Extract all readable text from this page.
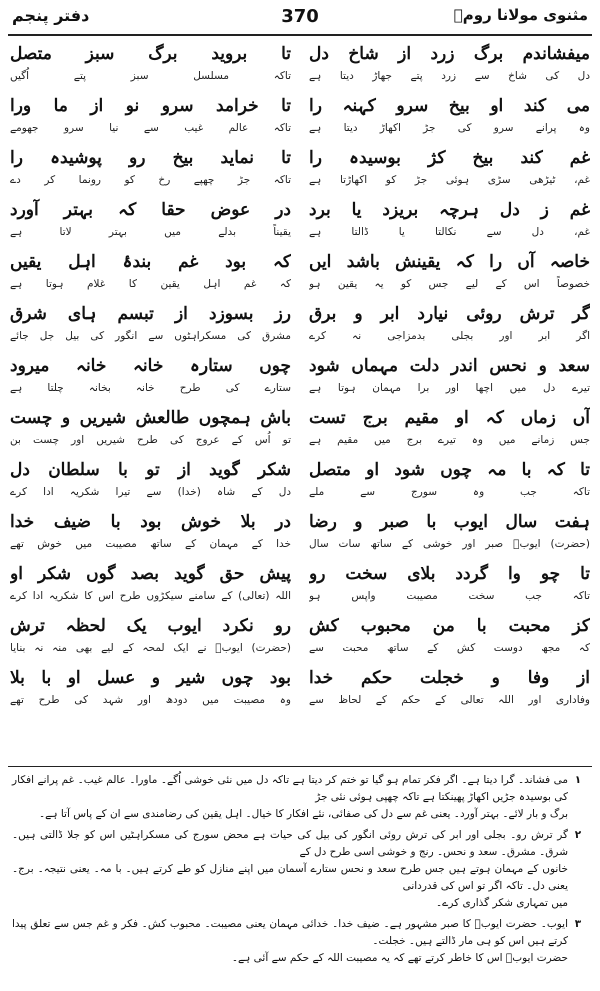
دفتر پنجم	370	مثنوی مولانا رومؒ
تا بروید برگ سبز متصل
تاکہ مسلسل سبز پتے اُگیں
تا خرامد سرو نو از ما ورا
تاکہ عالم غیب سے نیا سرو جھومے
تا نماید بیخ رو پوشیدہ را
تاکہ جڑ چھپے رخ کو رونما کر دے
در عوض حقا کہ بہتر آورد
یقیناً بدلے میں بہتر لاتا ہے
کہ بود غم بندۂ اہل یقیں
کہ غم اہل یقین کا غلام ہوتا ہے
رز بسوزد از تبسم ہای شرق
مشرق کی مسکراہٹوں سے انگور کی بیل جل جائے
چوں ستارہ خانہ خانہ میرود
ستارے کی طرح خانہ بخانہ چلتا ہے
باش ہمچوں طالعش شیریں و چست
تو اُس کے عروج کی طرح شیریں اور چست بن
شکر گوید از تو با سلطان دل
دل کے شاہ (خدا) سے تیرا شکریہ ادا کرے
در بلا خوش بود با ضیف خدا
خدا کے مہمان کے ساتھ مصیبت میں خوش تھے
پیش حق گوید بصد گوں شکر او
اللہ (تعالی) کے سامنے سیکڑوں طرح اس کا شکریہ ادا کرے
رو نکرد ایوب یک لحظہ ترش
(حضرت) ایوبؑ نے ایک لمحہ کے لیے بھی منہ نہ بنایا
بود چوں شیر و عسل او با بلا
وہ مصیبت میں دودھ اور شہد کی طرح تھے
میفشاندم برگ زرد از شاخ دل
دل کی شاخ سے زرد پتے جھاڑ دیتا ہے
می کند او بیخ سرو کہنہ را
وہ پرانے سرو کی جڑ اکھاڑ دیتا ہے
غم کند بیخ کژ بوسیدہ را
غم، ٹیڑھی سڑی ہوئی جڑ کو اکھاڑتا ہے
غم ز دل ہرچہ بریزد یا برد
غم، دل سے نکالتا یا ڈالتا ہے
خاصہ آں را کہ یقینش باشد ایں
خصوصاً اس کے لیے جس کو یہ یقین ہو
گر ترش روئی نیارد ابر و برق
اگر ابر اور بجلی بدمزاجی نہ کرے
سعد و نحس اندر دلت مہماں شود
تیرے دل میں اچھا اور برا مہمان ہوتا ہے
آں زماں کہ او مقیم برج تست
جس زمانے میں وہ تیرے برج میں مقیم ہے
تا کہ با مہ چوں شود او متصل
تاکہ جب وہ سورج سے ملے
ہفت سال ایوب با صبر و رضا
(حضرت) ایوبؑ صبر اور خوشی کے ساتھ سات سال
تا چو وا گردد بلای سخت رو
تاکہ جب سخت مصیبت واپس ہو
کز محبت با من محبوب کش
کہ مجھ دوست کش کے ساتھ محبت سے
از وفا و خجلت حکم خدا
وفاداری اور اللہ تعالی کے حکم کے لحاظ سے
۱

می فشاند۔ گرا دیتا ہے۔ اگر فکر تمام ہو گیا تو ختم کر دیتا ہے تاکہ دل میں نئی خوشی اُگے۔ ماورا۔ عالم غیب۔ غم پرانے افکار کی بوسیدہ جڑیں اکھاڑ پھینکتا ہے تاکہ چھپی ہوئی نئی جڑ

برگ و بار لائے۔ بہتر آورد۔ یعنی غم سے دل کی صفائی، نئے افکار کا خیال۔ اہل یقین کی رضامندی سے ان کے پاس آتا ہے۔

۲

گر ترش رو۔ بجلی اور ابر کی ترش روئی انگور کی بیل کی حیات ہے محض سورج کی مسکراہٹیں اس کو جلا ڈالتی ہیں۔ شرق۔ مشرق۔ سعد و نحس۔ رنج و خوشی اسی طرح دل کے

خانوں کے مہمان ہوتے ہیں جس طرح سعد و نحس ستارے آسمان میں اپنے منازل کو طے کرتے ہیں۔ با مہ۔ یعنی نتیجہ۔ برج۔ یعنی دل۔ تاکہ اگر تو اس کی قدردانی

میں تمہاری شکر گذاری کرے۔

۳

ایوب۔ حضرت ایوبؑ کا صبر مشہور ہے۔ ضیف خدا۔ خدائی مہمان یعنی مصیبت۔ محبوب کش۔ فکر و غم جس سے تعلق پیدا کرتے ہیں اس کو ہی مار ڈالتے ہیں۔ خجلت۔

حضرت ایوبؑ اس کا خاطر کرتے تھے کہ یہ مصیبت اللہ کے حکم سے آئی ہے۔
